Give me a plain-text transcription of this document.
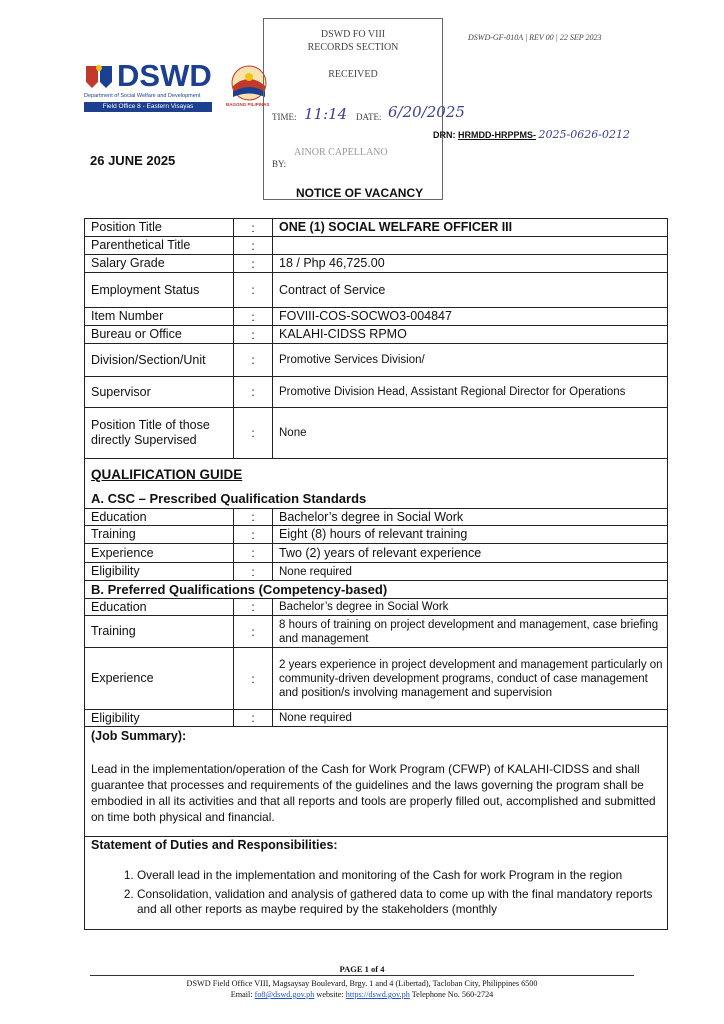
DSWD-GF-010A | REV 00 | 22 SEP 2023
DSWD
Department of Social Welfare and Development
Field Office 8 - Eastern Visayas	BAGONG PILIPINAS
DSWD FO VIII
RECORDS SECTION
RECEIVED
TIME: 11:14 DATE: 6/20/2025
BY:
AINOR CAPELLANO
DRN: HRMDD-HRPPMS- 2025-0626-0212
26 JUNE 2025
NOTICE OF VACANCY
Position Title	:	ONE (1) SOCIAL WELFARE OFFICER III
Parenthetical Title	:
Salary Grade	:	18 / Php 46,725.00
Employment Status	:	Contract of Service
Item Number	:	FOVIII-COS-SOCWO3-004847
Bureau or Office	:	KALAHI-CIDSS RPMO
Division/Section/Unit	:	Promotive Services Division/
Supervisor	:	Promotive Division Head, Assistant Regional Director for Operations
Position Title of those directly Supervised	:	None
QUALIFICATION GUIDE
A. CSC – Prescribed Qualification Standards
Education	:	Bachelor’s degree in Social Work
Training	:	Eight (8) hours of relevant training
Experience	:	Two (2) years of relevant experience
Eligibility	:	None required
B. Preferred Qualifications (Competency-based)
Education	:	Bachelor’s degree in Social Work
Training	:	8 hours of training on project development and management, case briefing and management
Experience	:
2 years experience in project development and management particularly on community-driven development programs, conduct of case management and position/s involving management and supervision
Eligibility	:	None required
(Job Summary):
Lead in the implementation/operation of the Cash for Work Program (CFWP) of KALAHI-CIDSS and shall guarantee that processes and requirements of the guidelines and the laws governing the program shall be embodied in all its activities and that all reports and tools are properly filled out, accomplished and submitted on time both physical and financial.
Statement of Duties and Responsibilities:
1. Overall lead in the implementation and monitoring of the Cash for work Program in the region
2. Consolidation, validation and analysis of gathered data to come up with the final mandatory reports and all other reports as maybe required by the stakeholders (monthly
PAGE 1 of 4
DSWD Field Office VIII, Magsaysay Boulevard, Brgy. 1 and 4 (Libertad), Tacloban City, Philippines 6500
Email: fo8@dswd.gov.ph website: https://dswd.gov.ph Telephone No. 560-2724
